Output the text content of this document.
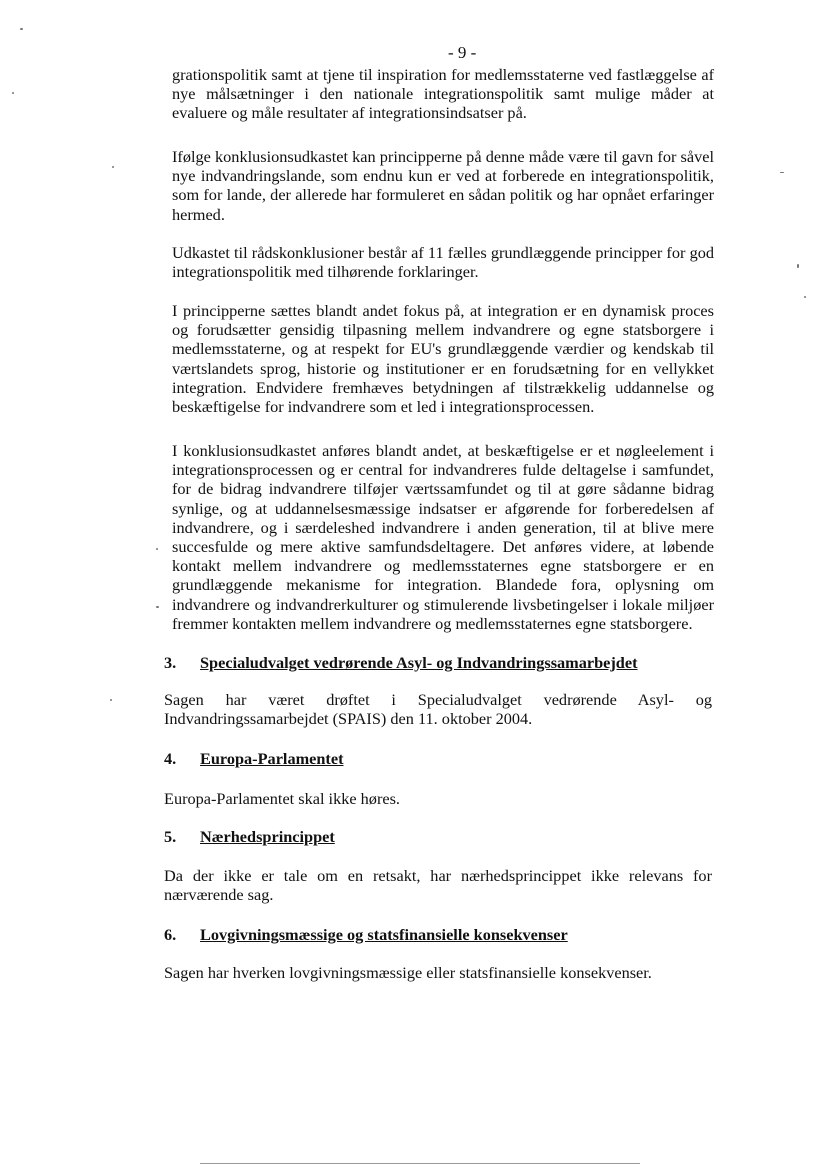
- 9 -

grationspolitik samt at tjene til inspiration for medlemsstaterne ved fastlæggelse af nye målsætninger i den nationale integrationspolitik samt mulige måder at evaluere og måle resultater af integrationsindsatser på.

Ifølge konklusionsudkastet kan principperne på denne måde være til gavn for såvel nye indvandringslande, som endnu kun er ved at forberede en integrationspolitik, som for lande, der allerede har formuleret en sådan politik og har opnået erfaringer hermed.

Udkastet til rådskonklusioner består af 11 fælles grundlæggende principper for god integrationspolitik med tilhørende forklaringer.

I principperne sættes blandt andet fokus på, at integration er en dynamisk proces og forudsætter gensidig tilpasning mellem indvandrere og egne statsborgere i medlemsstaterne, og at respekt for EU's grundlæggende værdier og kendskab til værtslandets sprog, historie og institutioner er en forudsætning for en vellykket integration. Endvidere fremhæves betydningen af tilstrækkelig uddannelse og beskæftigelse for indvandrere som et led i integrationsprocessen.

I konklusionsudkastet anføres blandt andet, at beskæftigelse er et nøgleelement i integrationsprocessen og er central for indvandreres fulde deltagelse i samfundet, for de bidrag indvandrere tilføjer værtssamfundet og til at gøre sådanne bidrag synlige, og at uddannelsesmæssige indsatser er afgørende for forberedelsen af indvandrere, og i særdeleshed indvandrere i anden generation, til at blive mere succesfulde og mere aktive samfundsdeltagere. Det anføres videre, at løbende kontakt mellem indvandrere og medlemsstaternes egne statsborgere er en grundlæggende mekanisme for integration. Blandede fora, oplysning om indvandrere og indvandrerkulturer og stimulerende livsbetingelser i lokale miljøer fremmer kontakten mellem indvandrere og medlemsstaternes egne statsborgere.

3. Specialudvalget vedrørende Asyl- og Indvandringssamarbejdet

Sagen har været drøftet i Specialudvalget vedrørende Asyl- og Indvandringssamarbejdet (SPAIS) den 11. oktober 2004.

4. Europa-Parlamentet
Europa-Parlamentet skal ikke høres.
5. Nærhedsprincippet

Da der ikke er tale om en retsakt, har nærhedsprincippet ikke relevans for nærværende sag.

6. Lovgivningsmæssige og statsfinansielle konsekvenser
Sagen har hverken lovgivningsmæssige eller statsfinansielle konsekvenser.
